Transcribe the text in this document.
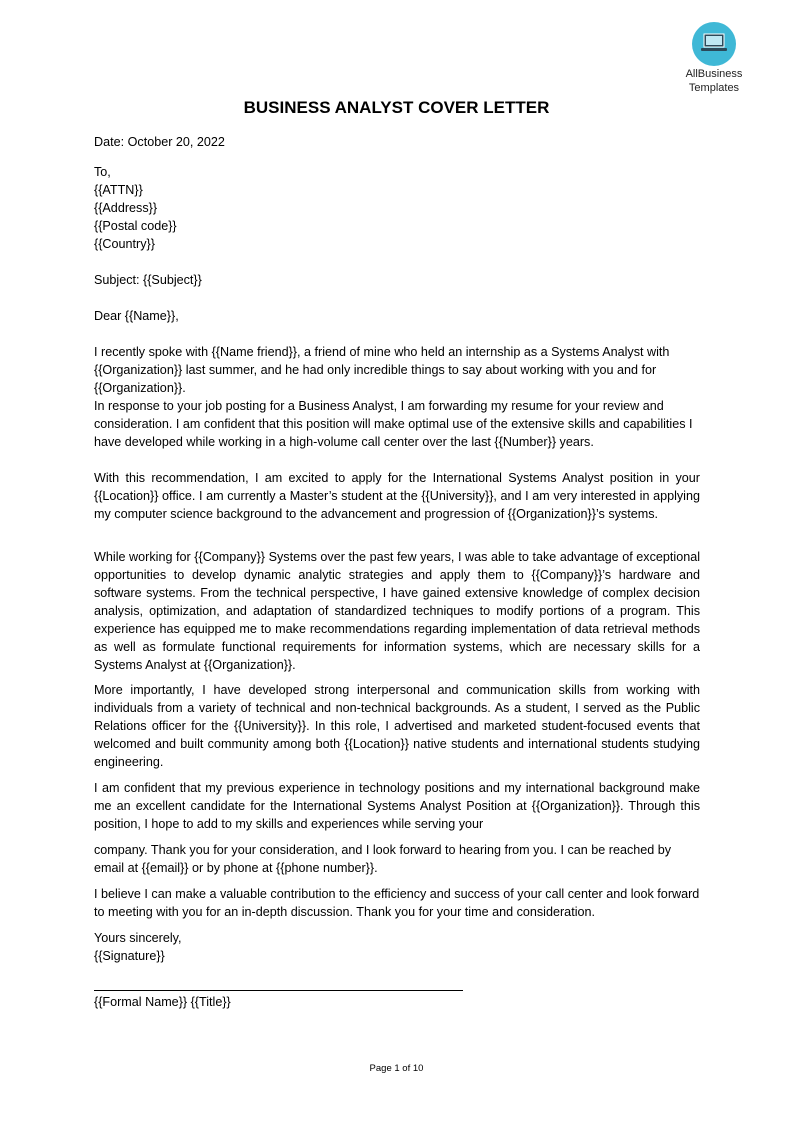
AllBusiness
Templates
BUSINESS ANALYST COVER LETTER
Date: October 20, 2022
To,
{{ATTN}}
{{Address}}
{{Postal code}}
{{Country}}
Subject: {{Subject}}
Dear {{Name}},
I recently spoke with {{Name friend}}, a friend of mine who held an internship as a Systems Analyst with {{Organization}} last summer, and he had only incredible things to say about working with you and for {{Organization}}.
In response to your job posting for a Business Analyst, I am forwarding my resume for your review and consideration. I am confident that this position will make optimal use of the extensive skills and capabilities I have developed while working in a high-volume call center over the last {{Number}} years.
With this recommendation, I am excited to apply for the International Systems Analyst position in your {{Location}} office. I am currently a Master’s student at the {{University}}, and I am very interested in applying my computer science background to the advancement and progression of {{Organization}}’s systems.
While working for {{Company}} Systems over the past few years, I was able to take advantage of exceptional opportunities to develop dynamic analytic strategies and apply them to {{Company}}’s hardware and software systems. From the technical perspective, I have gained extensive knowledge of complex decision analysis, optimization, and adaptation of standardized techniques to modify portions of a program. This experience has equipped me to make recommendations regarding implementation of data retrieval methods as well as formulate functional requirements for information systems, which are necessary skills for a Systems Analyst at {{Organization}}.
More importantly, I have developed strong interpersonal and communication skills from working with individuals from a variety of technical and non-technical backgrounds. As a student, I served as the Public Relations officer for the {{University}}. In this role, I advertised and marketed student-focused events that welcomed and built community among both {{Location}} native students and international students studying engineering.
I am confident that my previous experience in technology positions and my international background make me an excellent candidate for the International Systems Analyst Position at {{Organization}}. Through this position, I hope to add to my skills and experiences while serving your
company. Thank you for your consideration, and I look forward to hearing from you. I can be reached by email at {{email}} or by phone at {{phone number}}.
I believe I can make a valuable contribution to the efficiency and success of your call center and look forward to meeting with you for an in-depth discussion. Thank you for your time and consideration.
Yours sincerely,
{{Signature}}
{{Formal Name}} {{Title}}
Page 1 of 10
